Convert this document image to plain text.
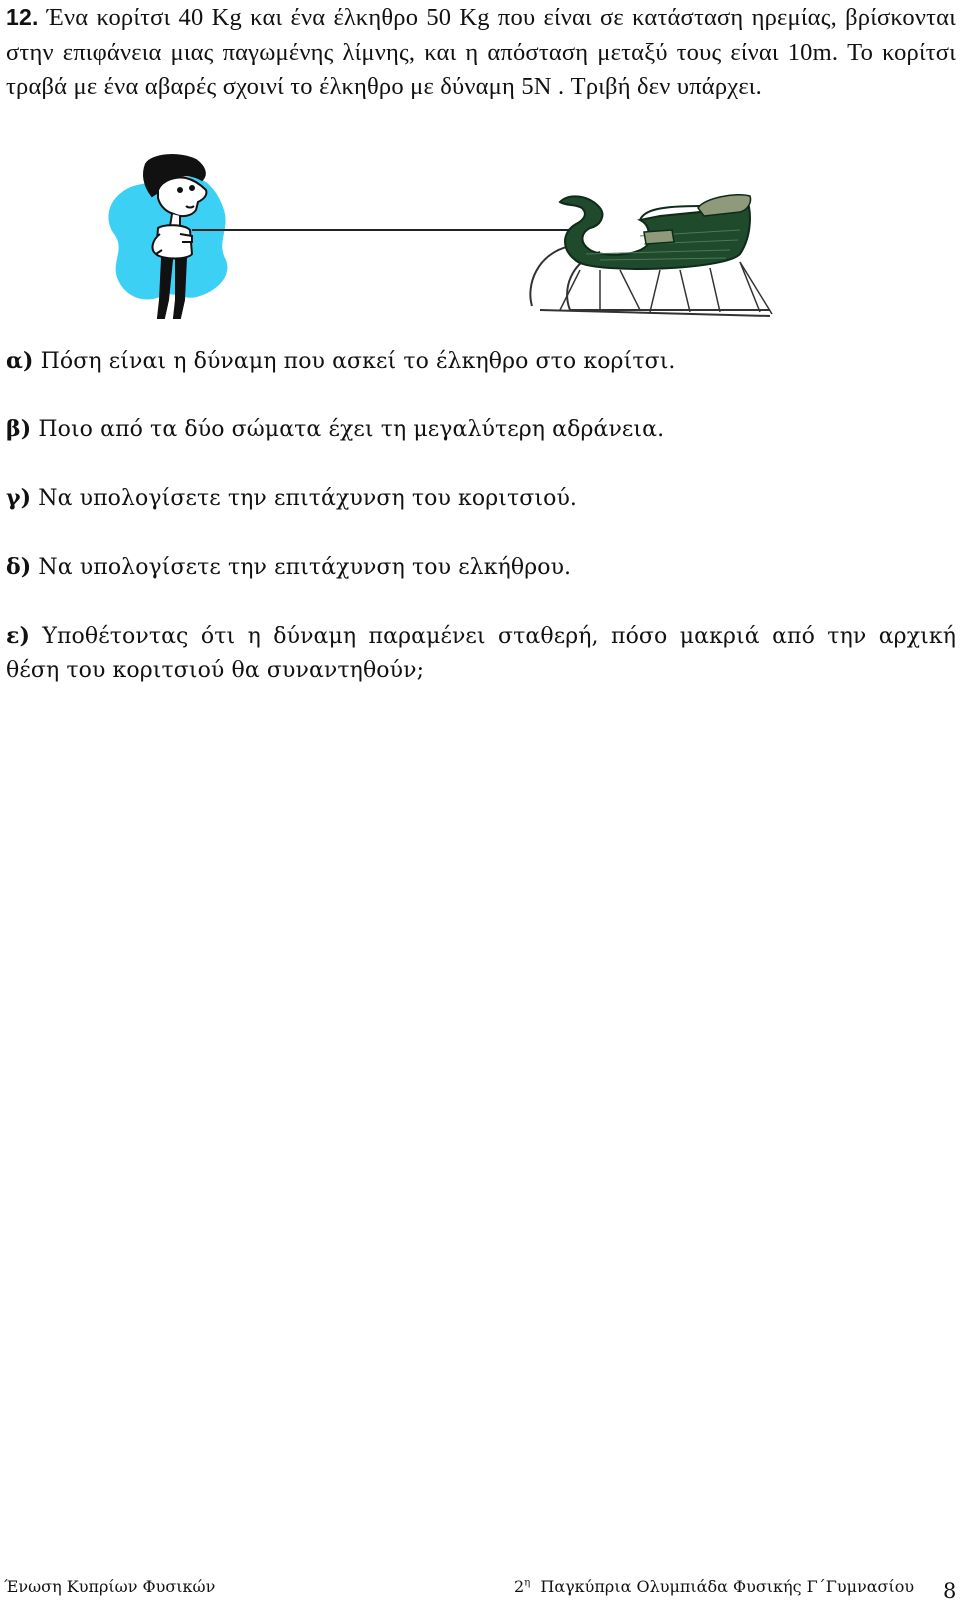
12. Ένα κορίτσι 40 Kg και ένα έλκηθρο 50 Kg που είναι σε κατάσταση ηρεμίας, βρίσκονται στην επιφάνεια μιας παγωμένης λίμνης, και η απόσταση μεταξύ τους είναι 10m. Το κορίτσι τραβά με ένα αβαρές σχοινί το έλκηθρο με δύναμη 5N . Τριβή δεν υπάρχει.
α) Πόση είναι η δύναμη που ασκεί το έλκηθρο στο κορίτσι.
β) Ποιο από τα δύο σώματα έχει τη μεγαλύτερη αδράνεια.
γ) Να υπολογίσετε την επιτάχυνση του κοριτσιού.
δ) Να υπολογίσετε την επιτάχυνση του ελκήθρου.
ε) Υποθέτοντας ότι η δύναμη παραμένει σταθερή, πόσο μακριά από την αρχική θέση του κοριτσιού θα συναντηθούν;
Ένωση Κυπρίων Φυσικών	$2^\eta$ Παγκύπρια Ολυμπιάδα Φυσικής Γ΄Γυμνασίου 8
